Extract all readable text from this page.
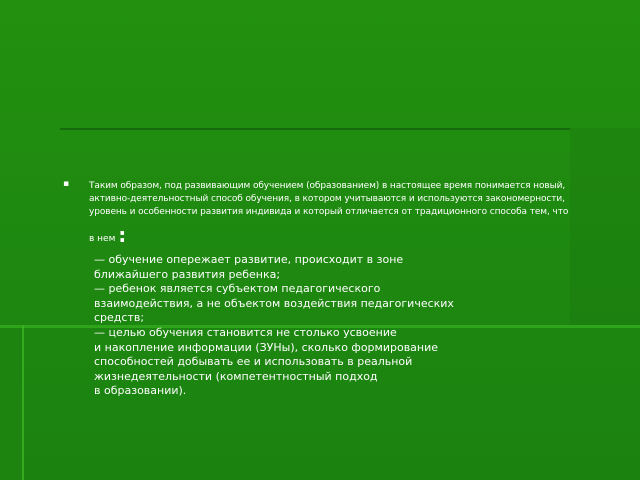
▪ Таким образом, под развивающим обучением (образованием) в настоящее время понимается новый, активно-деятельностный способ обучения, в котором учитываются и используются закономерности, уровень и особенности развития индивида и который отличается от традиционного способа тем, что
в нем :
— обучение опережает развитие, происходит в зоне
ближайшего развития ребенка;
— ребенок является субъектом педагогического
взаимодействия, а не объектом воздействия педагогических
средств;
— целью обучения становится не столько усвоение
и накопление информации (ЗУНы), сколько формирование
способностей добывать ее и использовать в реальной
жизнедеятельности (компетентностный подход
в образовании).
